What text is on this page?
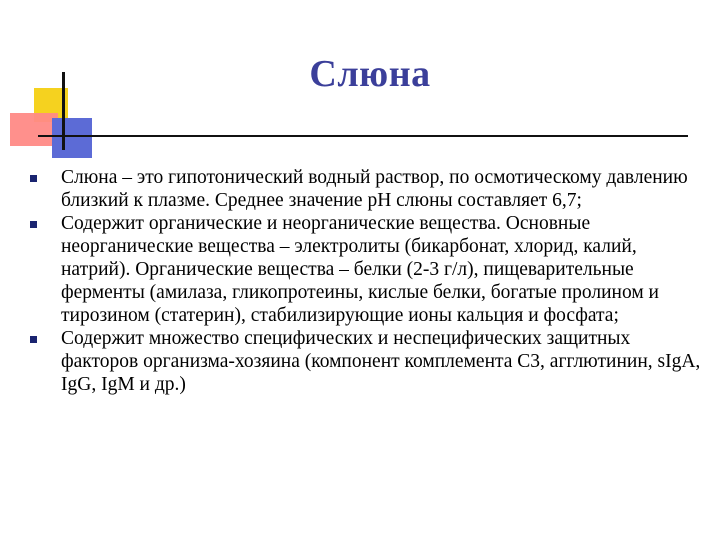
Слюна
Слюна – это гипотонический водный раствор, по осмотическому давлению близкий к плазме. Среднее значение pH слюны составляет 6,7;
Содержит органические и неорганические вещества. Основные неорганические вещества – электролиты (бикарбонат, хлорид, калий, натрий). Органические вещества – белки (2-3 г/л), пищеварительные ферменты (амилаза, гликопротеины, кислые белки, богатые пролином и тирозином (статерин), стабилизирующие ионы кальция и фосфата;
Содержит множество специфических и неспецифических защитных факторов организма-хозяина (компонент комплемента С3, агглютинин, sIgA, IgG, IgM и др.)
